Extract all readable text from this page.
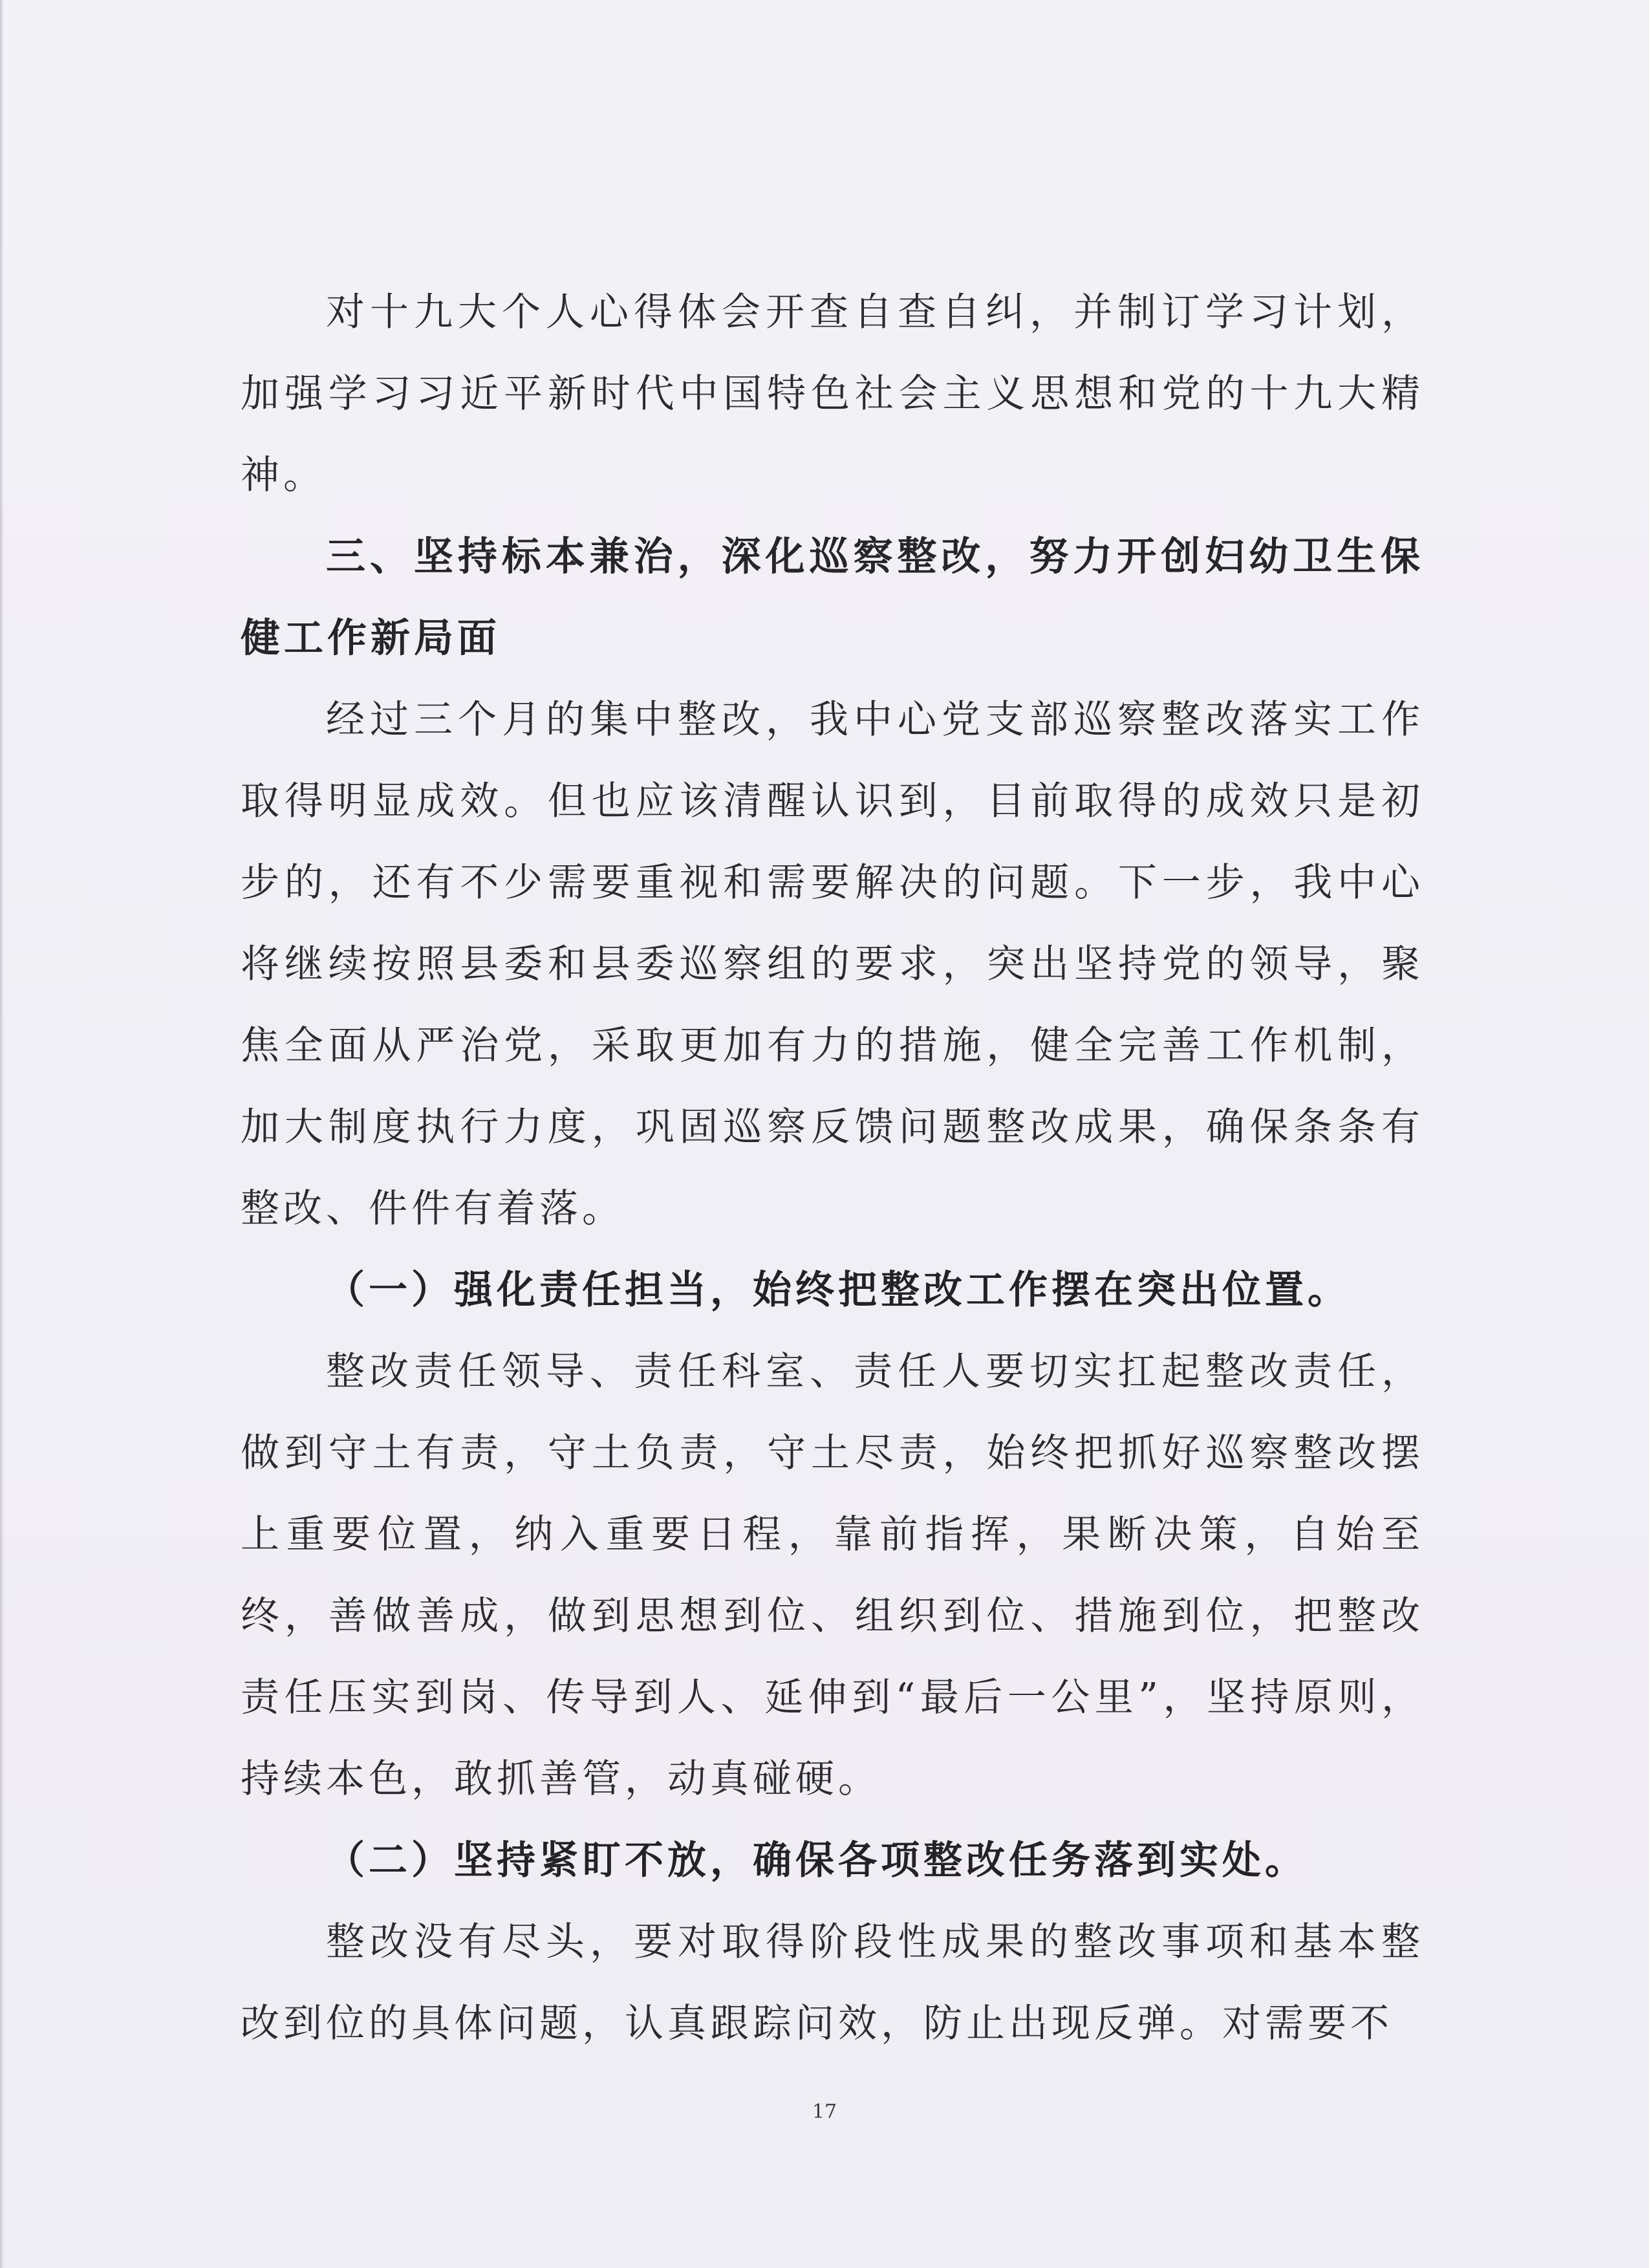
对十九大个人心得体会开查自查自纠，并制订学习计划，加强学习习近平新时代中国特色社会主义思想和党的十九大精神。

三、坚持标本兼治，深化巡察整改，努力开创妇幼卫生保健工作新局面

经过三个月的集中整改，我中心党支部巡察整改落实工作取得明显成效。但也应该清醒认识到，目前取得的成效只是初步的，还有不少需要重视和需要解决的问题。下一步，我中心将继续按照县委和县委巡察组的要求，突出坚持党的领导，聚焦全面从严治党，采取更加有力的措施，健全完善工作机制，加大制度执行力度，巩固巡察反馈问题整改成果，确保条条有整改、件件有着落。

（一）强化责任担当，始终把整改工作摆在突出位置。

整改责任领导、责任科室、责任人要切实扛起整改责任，做到守土有责，守土负责，守土尽责，始终把抓好巡察整改摆上重要位置，纳入重要日程，靠前指挥，果断决策，自始至终，善做善成，做到思想到位、组织到位、措施到位，把整改责任压实到岗、传导到人、延伸到“最后一公里”，坚持原则，持续本色，敢抓善管，动真碰硬。

（二）坚持紧盯不放，确保各项整改任务落到实处。

整改没有尽头，要对取得阶段性成果的整改事项和基本整改到位的具体问题，认真跟踪问效，防止出现反弹。对需要不

17
